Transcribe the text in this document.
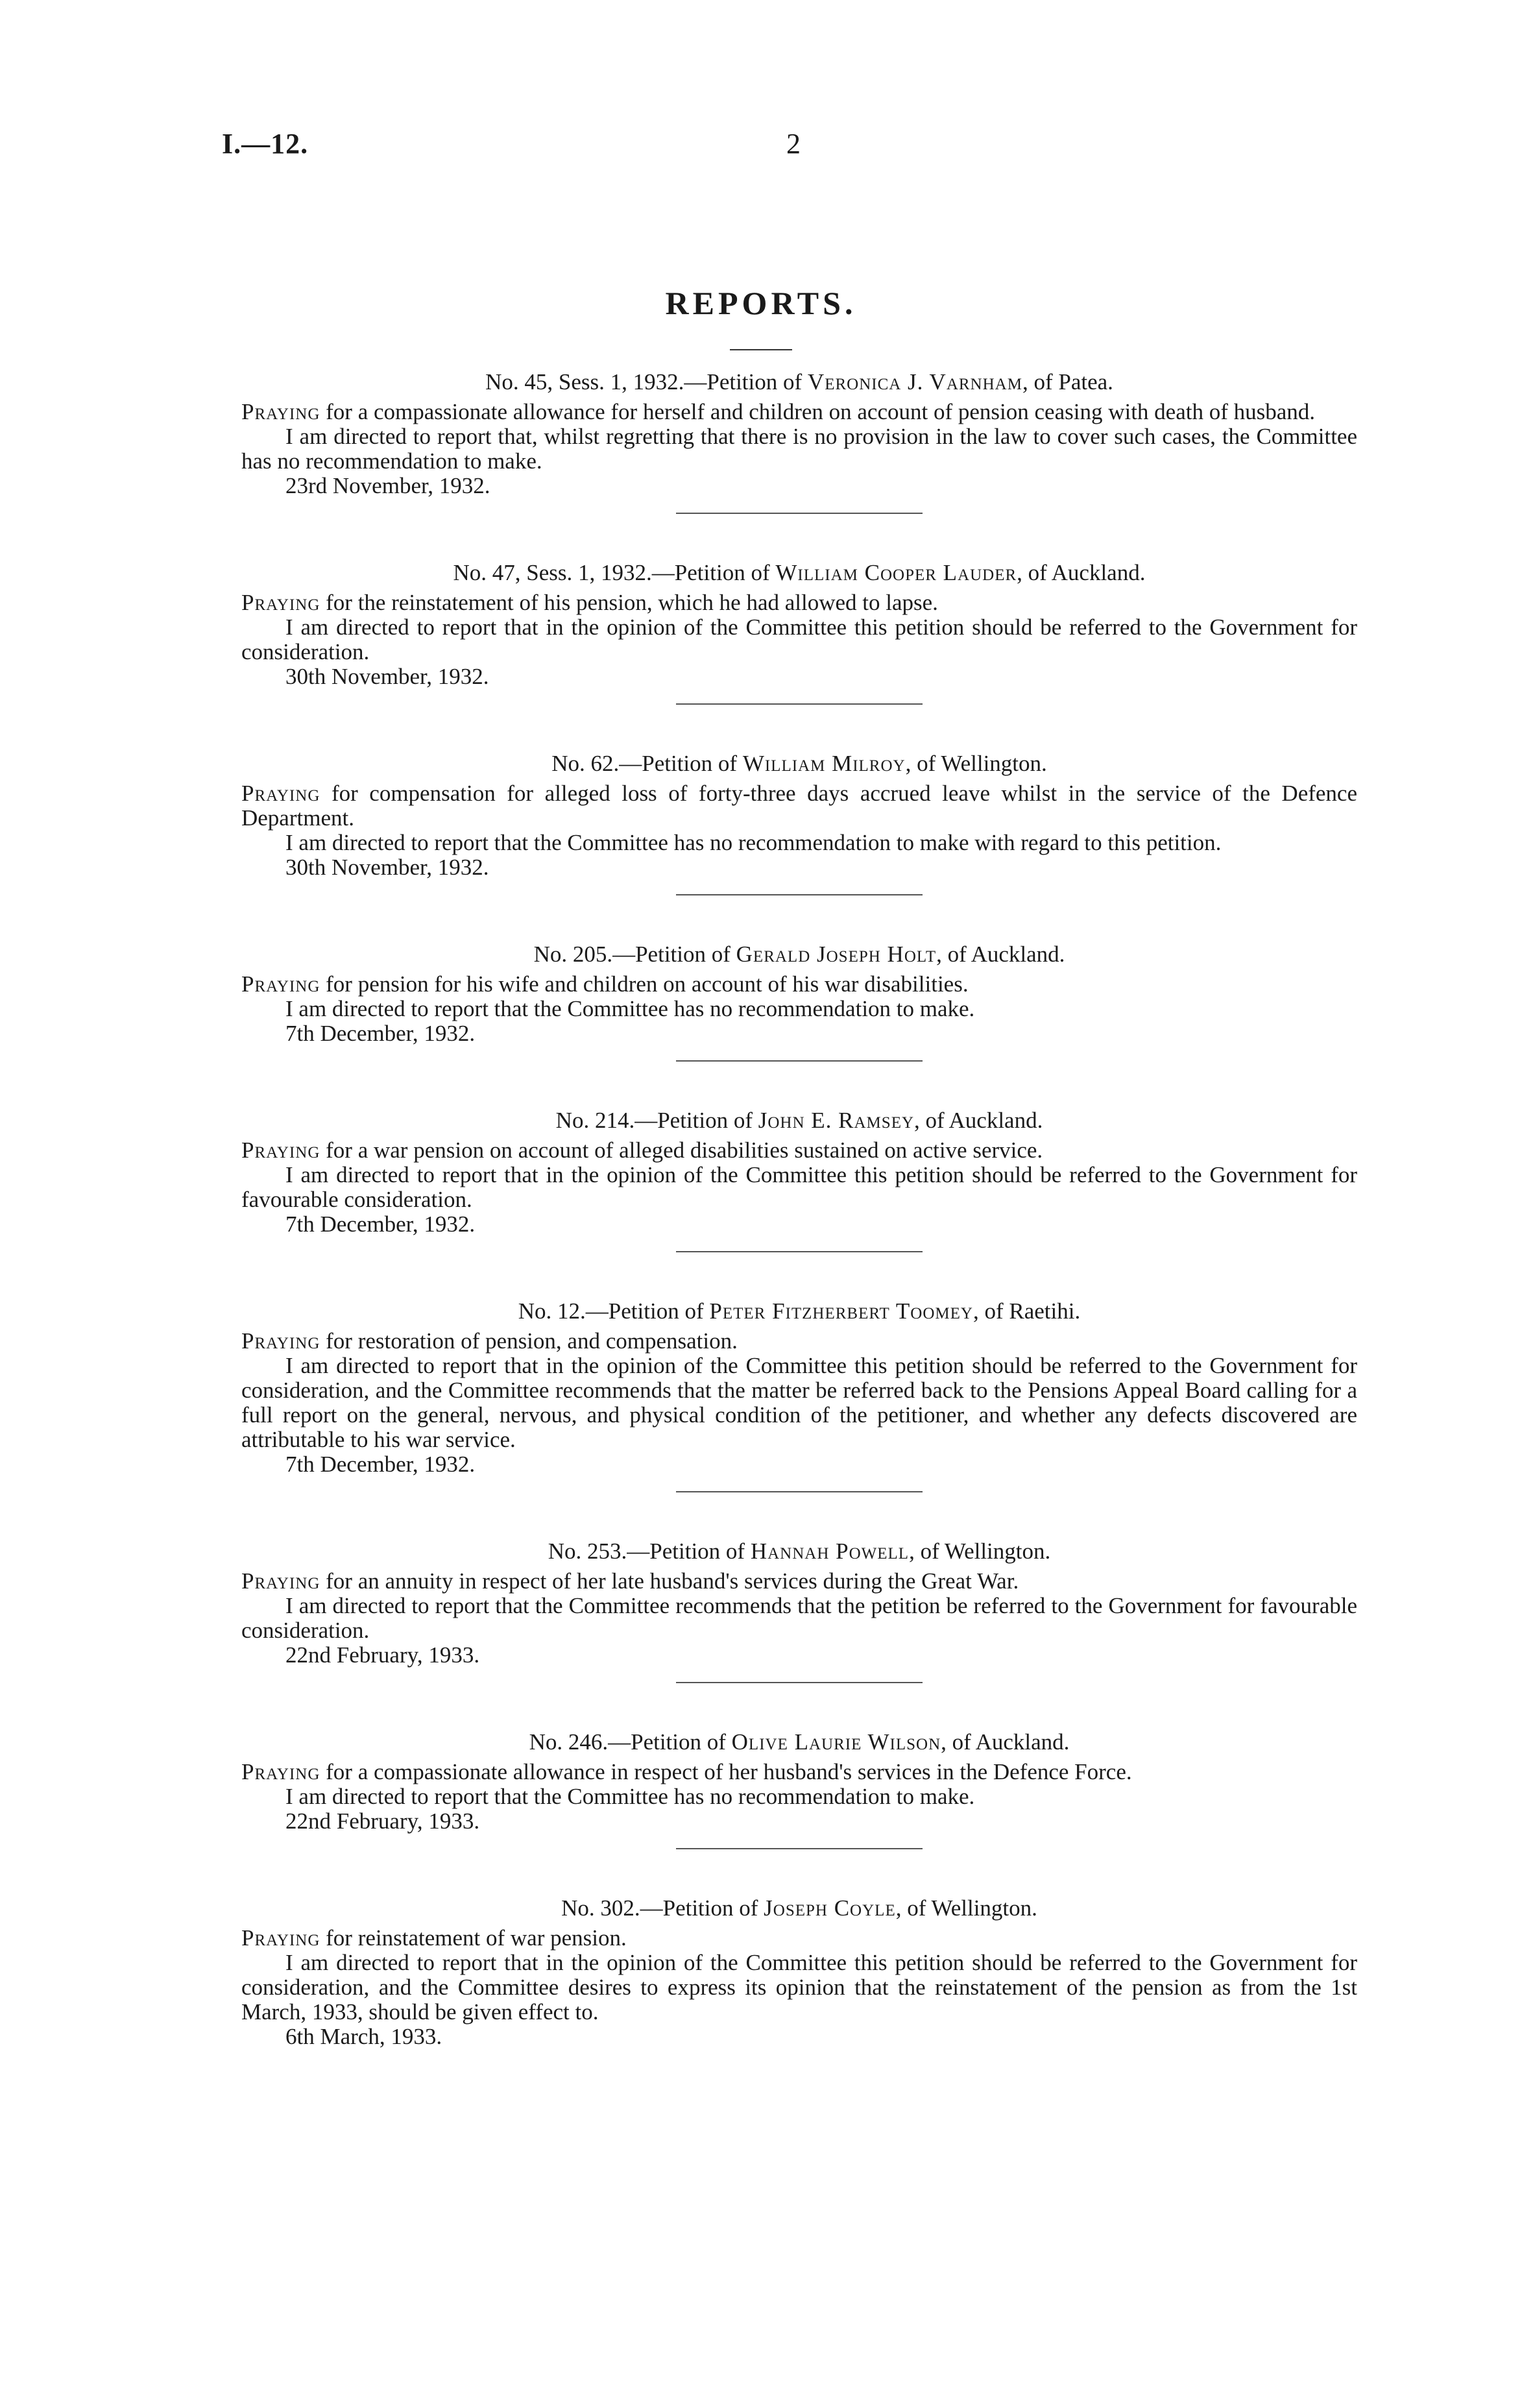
I.—12.	2
REPORTS.
No. 45, Sess. 1, 1932.—Petition of Veronica J. Varnham, of Patea.

Praying for a compassionate allowance for herself and children on account of pension ceasing with death of husband.

I am directed to report that, whilst regretting that there is no provision in the law to cover such cases, the Committee has no recommendation to make.

23rd November, 1932.

No. 47, Sess. 1, 1932.—Petition of William Cooper Lauder, of Auckland.

Praying for the reinstatement of his pension, which he had allowed to lapse.

I am directed to report that in the opinion of the Committee this petition should be referred to the Government for consideration.

30th November, 1932.

No. 62.—Petition of William Milroy, of Wellington.

Praying for compensation for alleged loss of forty-three days accrued leave whilst in the service of the Defence Department.

I am directed to report that the Committee has no recommendation to make with regard to this petition.

30th November, 1932.

No. 205.—Petition of Gerald Joseph Holt, of Auckland.

Praying for pension for his wife and children on account of his war disabilities.

I am directed to report that the Committee has no recommendation to make.

7th December, 1932.

No. 214.—Petition of John E. Ramsey, of Auckland.

Praying for a war pension on account of alleged disabilities sustained on active service.

I am directed to report that in the opinion of the Committee this petition should be referred to the Government for favourable consideration.

7th December, 1932.

No. 12.—Petition of Peter Fitzherbert Toomey, of Raetihi.

Praying for restoration of pension, and compensation.

I am directed to report that in the opinion of the Committee this petition should be referred to the Government for consideration, and the Committee recommends that the matter be referred back to the Pensions Appeal Board calling for a full report on the general, nervous, and physical condition of the petitioner, and whether any defects discovered are attributable to his war service.

7th December, 1932.

No. 253.—Petition of Hannah Powell, of Wellington.

Praying for an annuity in respect of her late husband's services during the Great War.

I am directed to report that the Committee recommends that the petition be referred to the Government for favourable consideration.

22nd February, 1933.

No. 246.—Petition of Olive Laurie Wilson, of Auckland.

Praying for a compassionate allowance in respect of her husband's services in the Defence Force.

I am directed to report that the Committee has no recommendation to make.

22nd February, 1933.

No. 302.—Petition of Joseph Coyle, of Wellington.

Praying for reinstatement of war pension.

I am directed to report that in the opinion of the Committee this petition should be referred to the Government for consideration, and the Committee desires to express its opinion that the reinstatement of the pension as from the 1st March, 1933, should be given effect to.

6th March, 1933.
